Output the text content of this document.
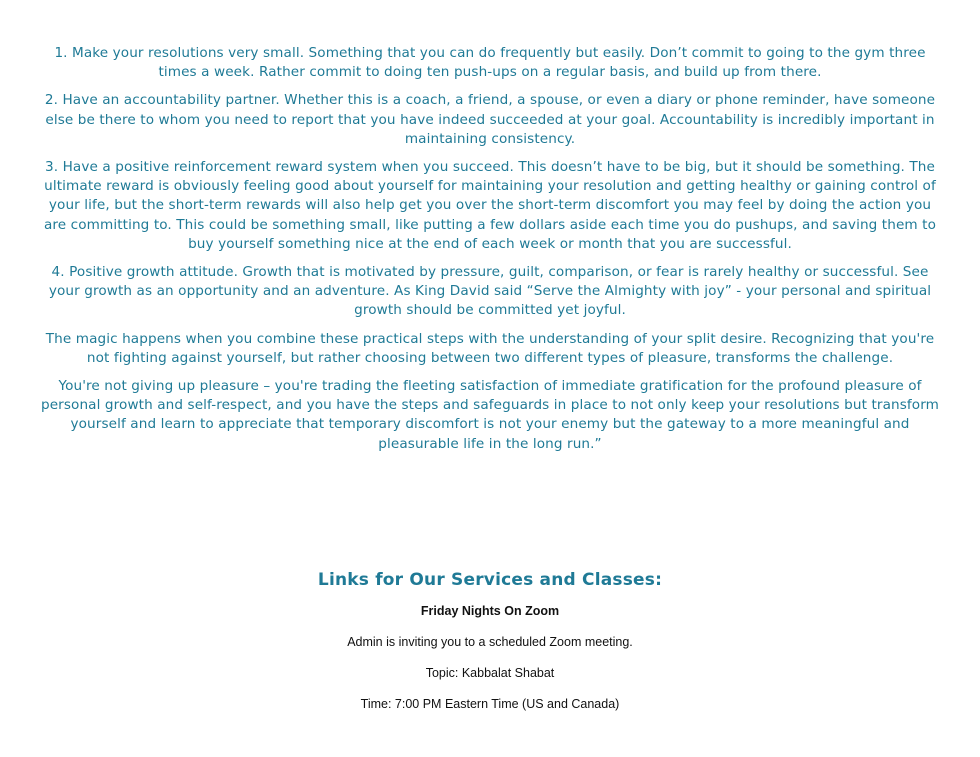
1. Make your resolutions very small. Something that you can do frequently but easily. Don’t commit to going to the gym three times a week. Rather commit to doing ten push-ups on a regular basis, and build up from there.

2. Have an accountability partner. Whether this is a coach, a friend, a spouse, or even a diary or phone reminder, have someone else be there to whom you need to report that you have indeed succeeded at your goal. Accountability is incredibly important in maintaining consistency.

3. Have a positive reinforcement reward system when you succeed. This doesn’t have to be big, but it should be something. The ultimate reward is obviously feeling good about yourself for maintaining your resolution and getting healthy or gaining control of your life, but the short-term rewards will also help get you over the short-term discomfort you may feel by doing the action you are committing to. This could be something small, like putting a few dollars aside each time you do pushups, and saving them to buy yourself something nice at the end of each week or month that you are successful.

4. Positive growth attitude. Growth that is motivated by pressure, guilt, comparison, or fear is rarely healthy or successful. See your growth as an opportunity and an adventure. As King David said “Serve the Almighty with joy” - your personal and spiritual growth should be committed yet joyful.

The magic happens when you combine these practical steps with the understanding of your split desire. Recognizing that you're not fighting against yourself, but rather choosing between two different types of pleasure, transforms the challenge.

You're not giving up pleasure – you're trading the fleeting satisfaction of immediate gratification for the profound pleasure of personal growth and self-respect, and you have the steps and safeguards in place to not only keep your resolutions but transform yourself and learn to appreciate that temporary discomfort is not your enemy but the gateway to a more meaningful and pleasurable life in the long run.”

Links for Our Services and Classes:
Friday Nights On Zoom
Admin is inviting you to a scheduled Zoom meeting.
Topic: Kabbalat Shabat
Time: 7:00 PM Eastern Time (US and Canada)
